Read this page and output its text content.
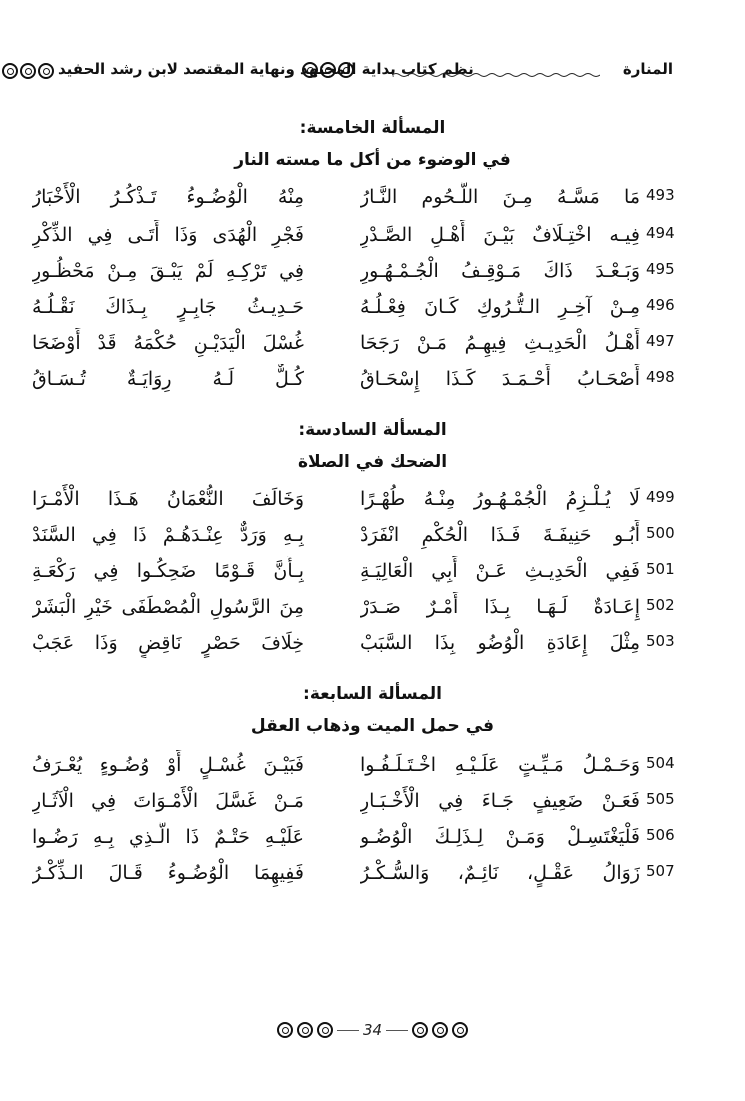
نظم كتاب بداية المجتهد ونهاية المقتصد لابن رشد الحفيد	المنارة
المسألة الخامسة:
في الوضوء من أكل ما مسته النار
493
مَا مَسَّـهُ مِـنَ اللُّـحُوم النَّـارُ
مِنْهُ الْوُضُـوءُ تَـذْكُـرُ الْأَخْبَارُ
494
فِيـه اخْتِـلَافٌ بَيْـنَ أَهْـلِ الصَّـدْرِ
فَجْرِ الْهُدَى وَذَا أَتَـى فِي الذِّكْرِ
495
وَبَـعْـدَ ذَاكَ مَـوْقِـفُ الْجُـمْـهُـورِ
فِي تَرْكِـهِ لَمْ يَبْـقَ مِـنْ مَحْظُـورِ
496
مِـنْ آخِـرِ الـتُّـرُوكِ كَـانَ فِعْـلُـهُ
حَـدِيـثُ جَابِـرٍ بِـذَاكَ نَقْـلُـهُ
497
أَهْـلُ الْحَدِيـثِ فِيهِـمُ مَـنْ رَجَحَا
غُسْلَ الْيَدَيْـنِ حُكْمَهُ قَدْ أَوْضَحَا
498
أَصْحَـابُ أَحْـمَـدَ كَـذَا إِسْحَـاقُ
كُـلٌّ لَـهُ رِوَايَـةٌ تُـسَـاقُ
المسألة السادسة:
الضحك في الصلاة
499
لَا يُـلْـزِمُ الْجُمْـهُـورُ مِنْـهُ طُهْـرًا
وَخَالَفَ النُّعْمَانُ هَـذَا الْأَمْـرَا
500
أَبُـو حَنِيفَـةَ فَـذَا الْحُكْمِ انْفَرَدْ
بِـهِ وَرَدٌّ عِنْـدَهُـمْ ذَا فِي السَّنَدْ
501
فَفِي الْحَدِيـثِ عَـنْ أَبِي الْعَالِيَـةِ
بِـأَنَّ قَـوْمًا ضَحِكُـوا فِي رَكْعَـةِ
502
إِعَـادَةٌ لَـهَـا بِـذَا أَمْـرٌ صَـدَرْ
مِنَ الرَّسُولِ الْمُصْطَفَى خَيْرِ الْبَشَرْ
503
مِثْلَ إِعَادَةِ الْوُضُو بِذَا السَّبَبْ
خِلَافَ حَصْرٍ نَاقِضٍ وَذَا عَجَبْ
المسألة السابعة:
في حمل الميت وذهاب العقل
504
وَحَـمْـلُ مَـيِّـتٍ عَلَـيْـهِ اخْـتَـلَـفُـوا
فَبَيْـنَ غُسْـلٍ أَوْ وُضُـوءٍ يُعْـرَفُ
505
فَعَـنْ ضَعِيفٍ جَـاءَ فِي الْأَخْـبَـارِ
مَـنْ غَسَّلَ الْأَمْـوَاتَ فِي الْآثَـارِ
506
فَلْيَغْتَسِـلْ وَمَـنْ لِـذَلِـكَ الْوُضُـو
عَلَيْـهِ حَتْـمٌ ذَا الَّـذِي بِـهِ رَضُـوا
507
زَوَالُ عَقْـلٍ، نَائِـمٌ، وَالسُّـكْـرُ
فَفِيهِمَا الْوُضُـوءُ قَـالَ الـذِّكْـرُ
34
